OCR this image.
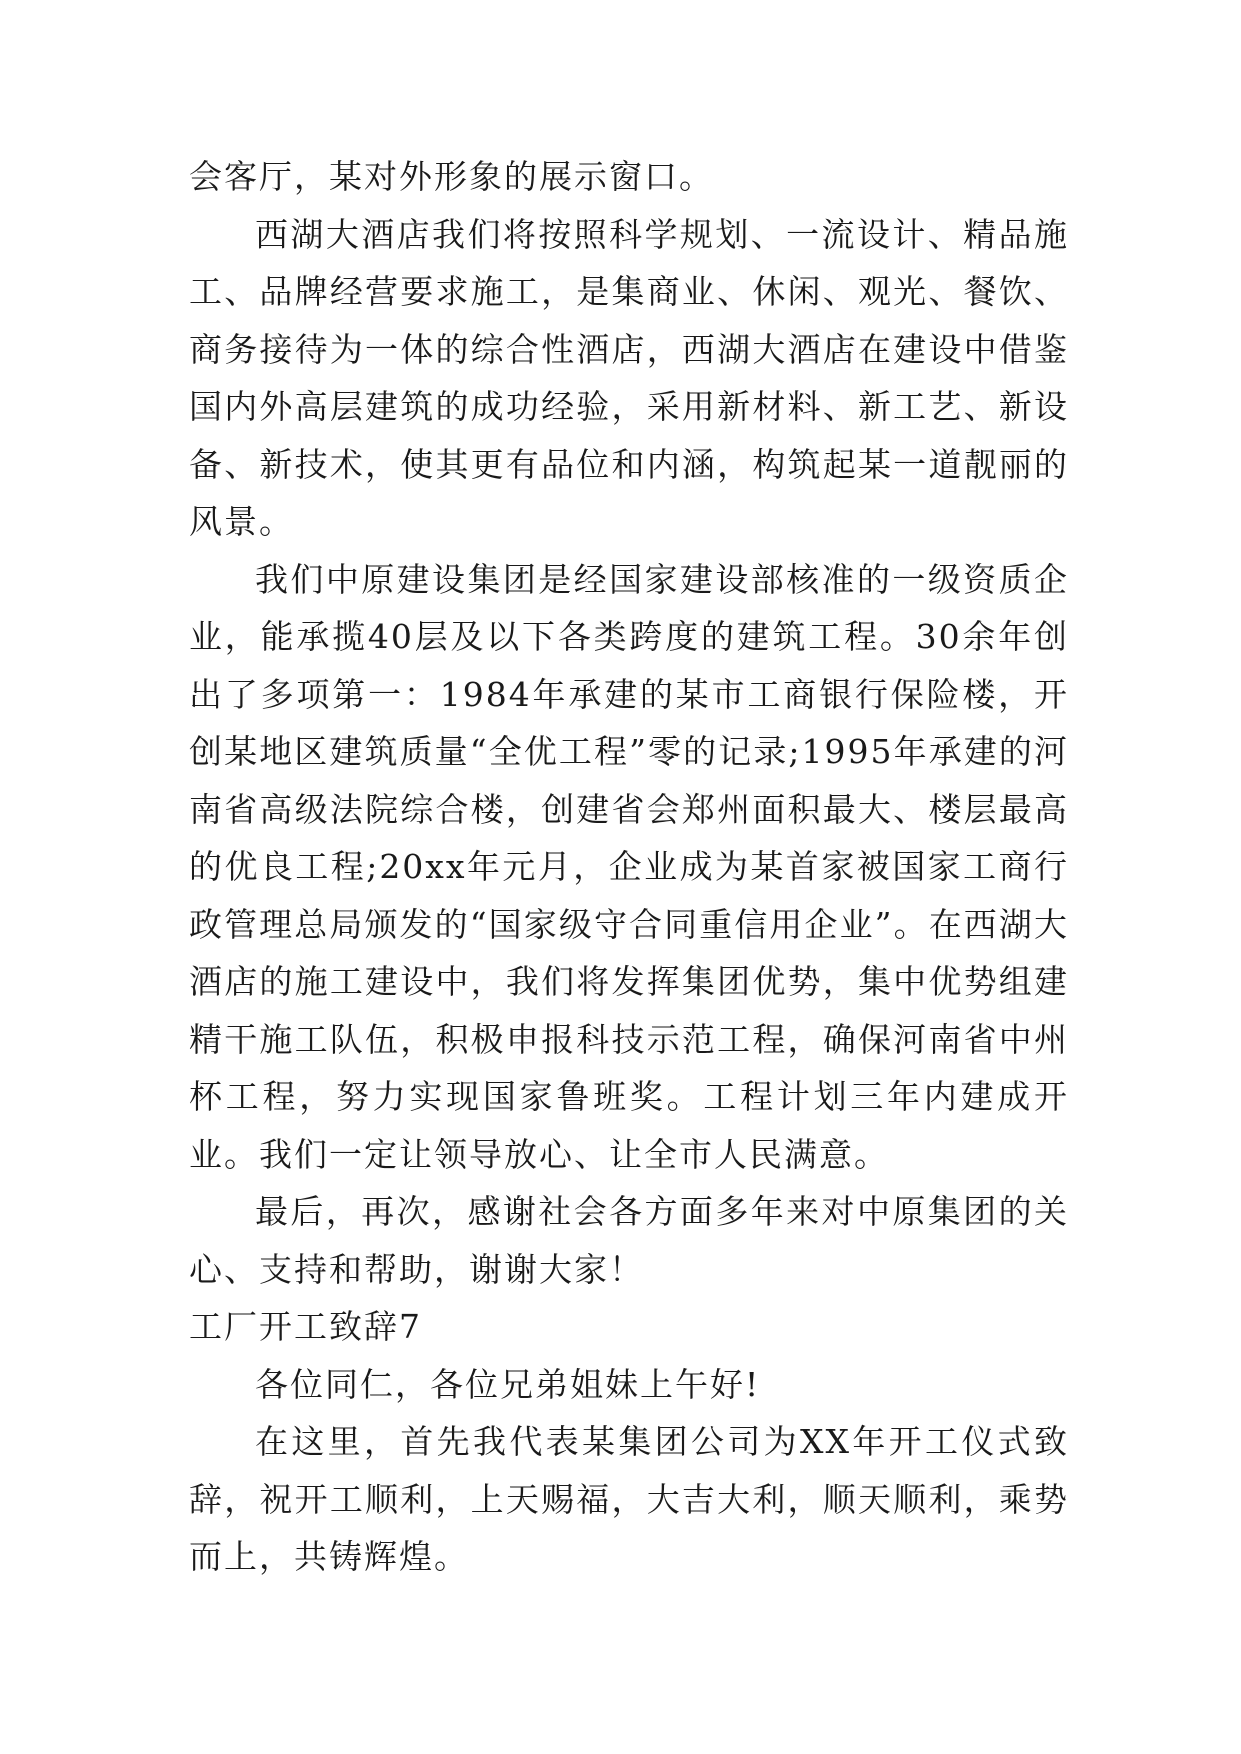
会客厅，某对外形象的展示窗口。

西湖大酒店我们将按照科学规划、一流设计、精品施工、品牌经营要求施工，是集商业、休闲、观光、餐饮、商务接待为一体的综合性酒店，西湖大酒店在建设中借鉴国内外高层建筑的成功经验，采用新材料、新工艺、新设备、新技术，使其更有品位和内涵，构筑起某一道靓丽的风景。

我们中原建设集团是经国家建设部核准的一级资质企业，能承揽40层及以下各类跨度的建筑工程。30余年创出了多项第一：1984年承建的某市工商银行保险楼，开创某地区建筑质量“全优工程”零的记录;1995年承建的河南省高级法院综合楼，创建省会郑州面积最大、楼层最高的优良工程;20xx年元月，企业成为某首家被国家工商行政管理总局颁发的“国家级守合同重信用企业”。在西湖大酒店的施工建设中，我们将发挥集团优势，集中优势组建精干施工队伍，积极申报科技示范工程，确保河南省中州杯工程，努力实现国家鲁班奖。工程计划三年内建成开业。我们一定让领导放心、让全市人民满意。

最后，再次，感谢社会各方面多年来对中原集团的关心、支持和帮助，谢谢大家！

工厂开工致辞7

各位同仁，各位兄弟姐妹上午好!

在这里，首先我代表某集团公司为XX年开工仪式致辞，祝开工顺利，上天赐福，大吉大利，顺天顺利，乘势而上，共铸辉煌。
